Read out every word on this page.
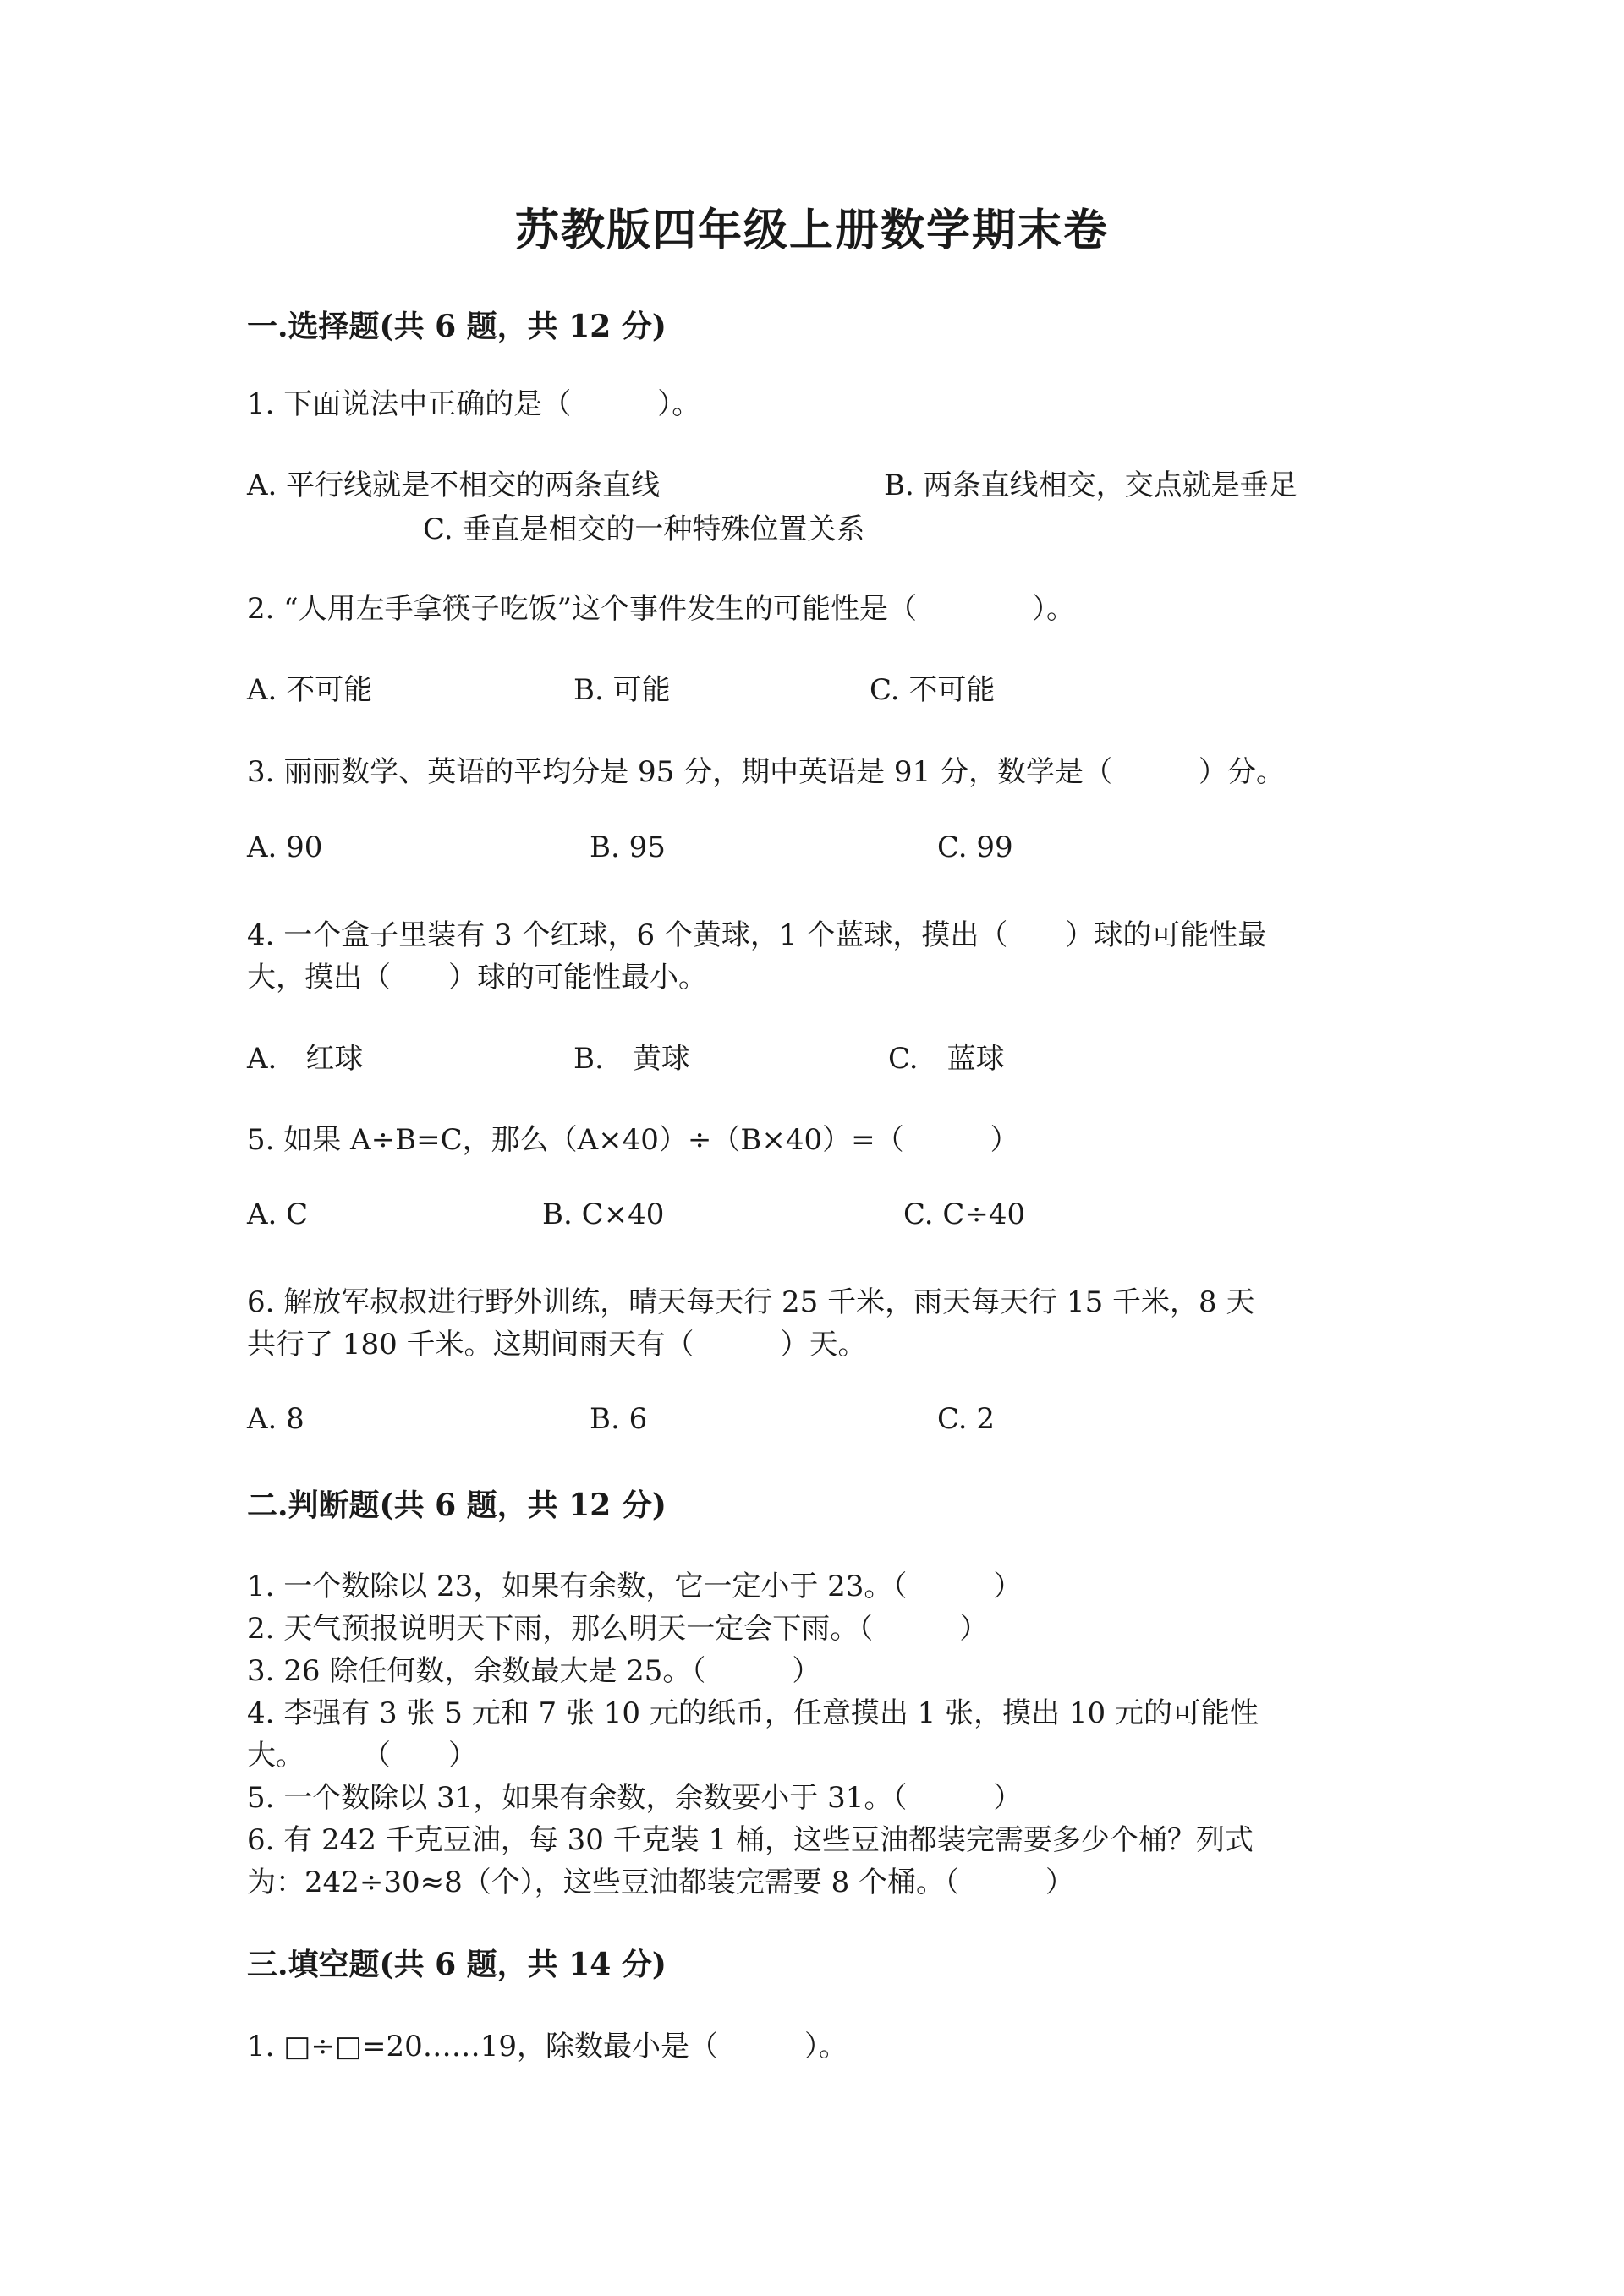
苏教版四年级上册数学期末卷
一.选择题(共 6 题，共 12 分)
1. 下面说法中正确的是（　　　）。
A. 平行线就是不相交的两条直线	B. 两条直线相交，交点就是垂足
C. 垂直是相交的一种特殊位置关系
2. “人用左手拿筷子吃饭”这个事件发生的可能性是（　　　　）。
A. 不可能	B. 可能	C. 不可能
3. 丽丽数学、英语的平均分是 95 分，期中英语是 91 分，数学是（　　　）分。
A. 90	B. 95	C. 99
4. 一个盒子里装有 3 个红球，6 个黄球，1 个蓝球，摸出（　　）球的可能性最
大，摸出（　　）球的可能性最小。
A.　红球	B.　黄球	C.　蓝球
5. 如果 A÷B=C，那么（A×40）÷（B×40）=（　　　）
A. C	B. C×40	C. C÷40
6. 解放军叔叔进行野外训练，晴天每天行 25 千米，雨天每天行 15 千米，8 天
共行了 180 千米。这期间雨天有（　　　）天。
A. 8	B. 6	C. 2
二.判断题(共 6 题，共 12 分)
1. 一个数除以 23，如果有余数，它一定小于 23。（　　　）
2. 天气预报说明天下雨，那么明天一定会下雨。（　　　）
3. 26 除任何数，余数最大是 25。（　　　）
4. 李强有 3 张 5 元和 7 张 10 元的纸币，任意摸出 1 张，摸出 10 元的可能性
大。　　　（　　）
5. 一个数除以 31，如果有余数，余数要小于 31。（　　　）
6. 有 242 千克豆油，每 30 千克装 1 桶，这些豆油都装完需要多少个桶？列式
为：242÷30≈8（个），这些豆油都装完需要 8 个桶。（　　　）
三.填空题(共 6 题，共 14 分)
1. □÷□=20……19，除数最小是（　　　）。
